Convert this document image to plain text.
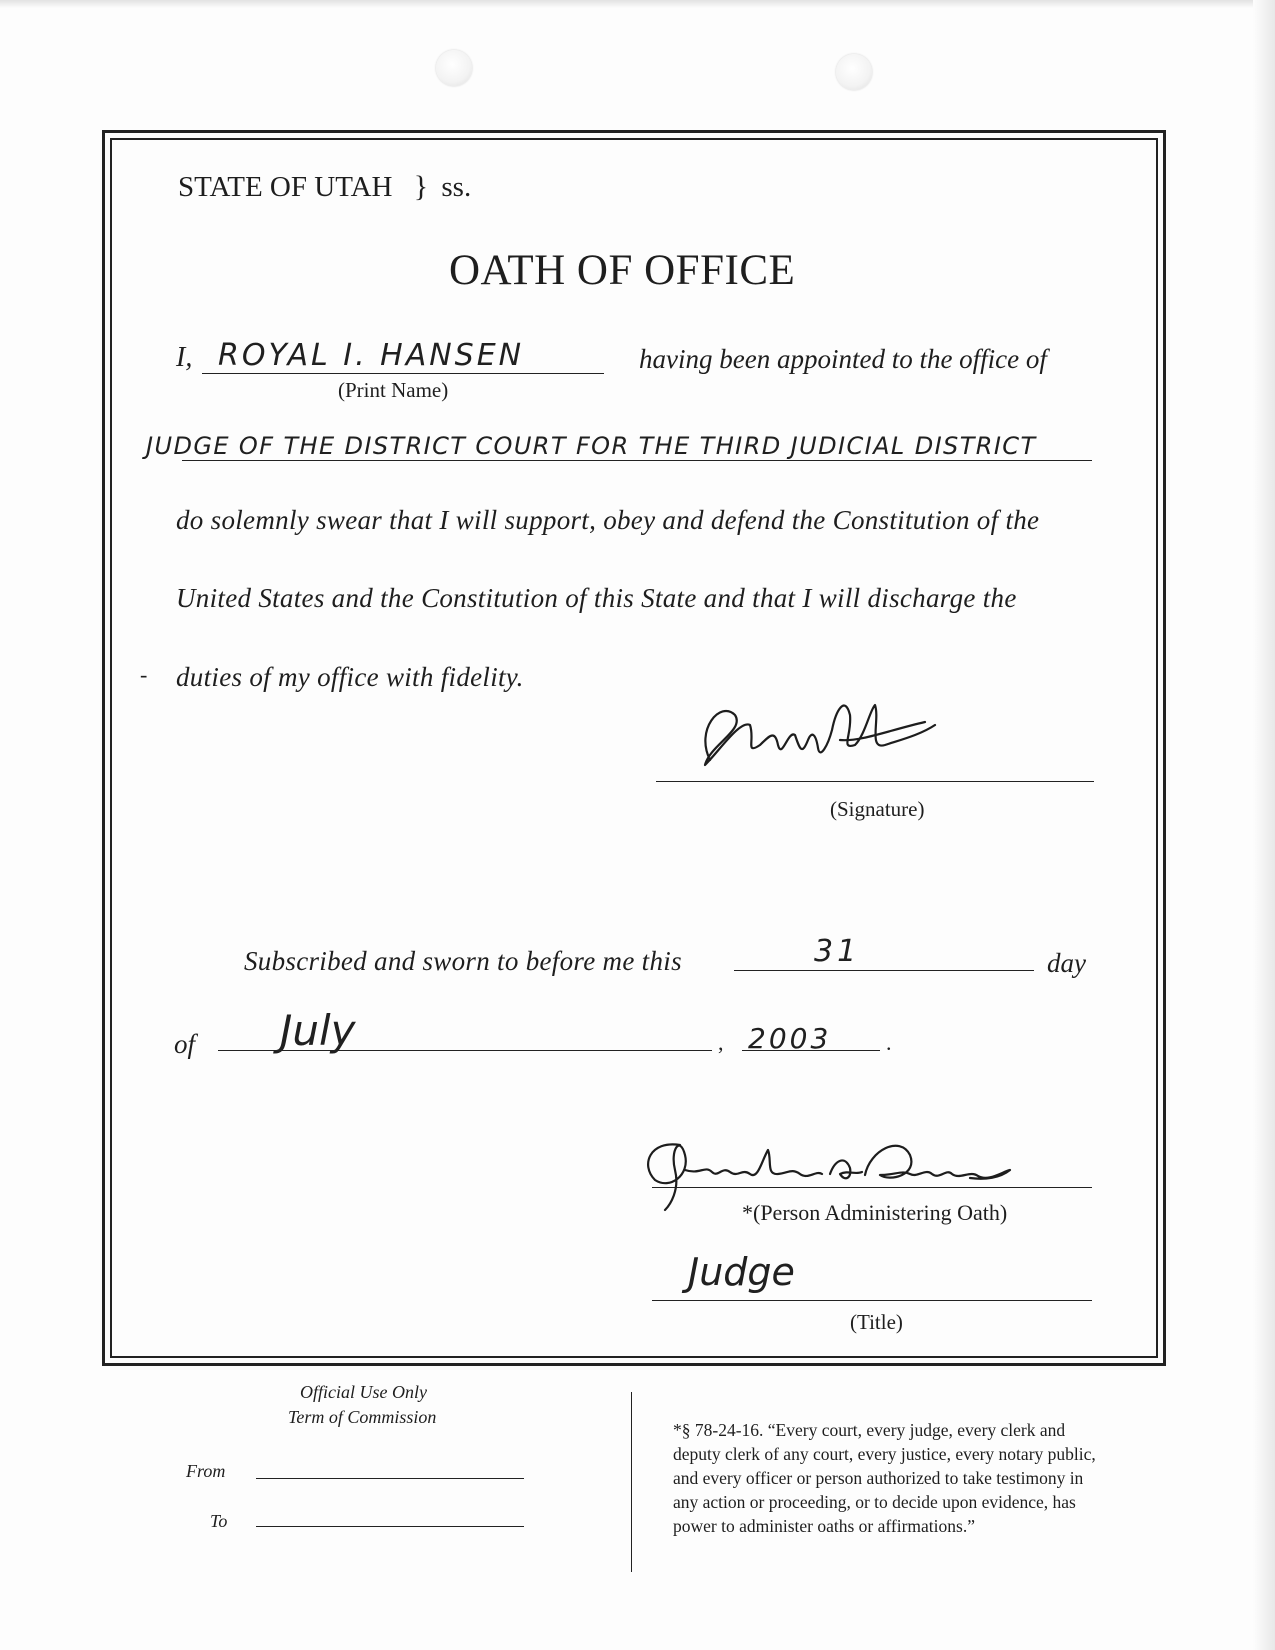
STATE OF UTAH } ss.
OATH OF OFFICE
I, ROYAL I. HANSEN	having been appointed to the office of
(Print Name)
JUDGE OF THE DISTRICT COURT FOR THE THIRD JUDICIAL DISTRICT
do solemnly swear that I will support, obey and defend the Constitution of the
United States and the Constitution of this State and that I will discharge the
- duties of my office with fidelity.
(Signature)
Subscribed and sworn to before me this	31	day
of July	, 2003 .
*(Person Administering Oath)
Judge
(Title)
Official Use Only
Term of Commission
From
To
*§ 78-24-16. “Every court, every judge, every clerk and
deputy clerk of any court, every justice, every notary public,
and every officer or person authorized to take testimony in
any action or proceeding, or to decide upon evidence, has
power to administer oaths or affirmations.”
